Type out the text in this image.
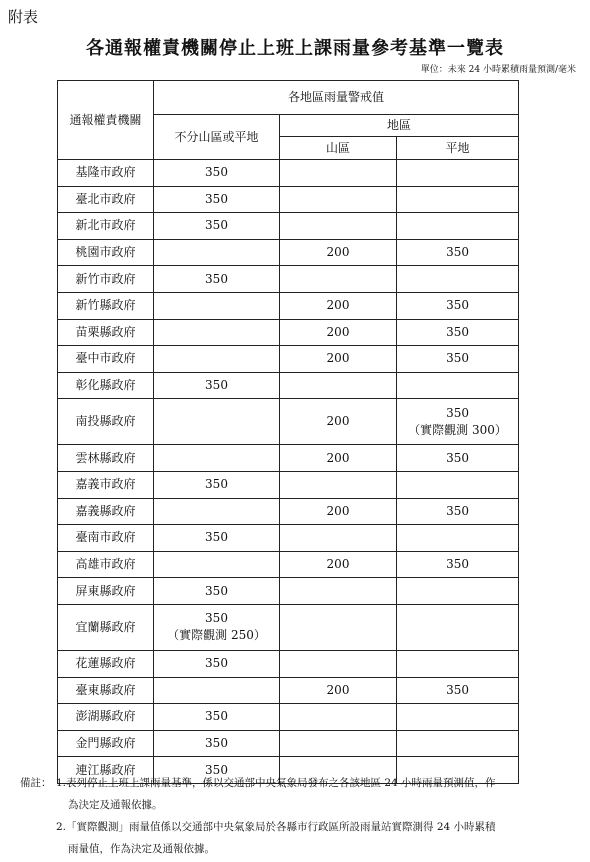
附表
各通報權責機關停止上班上課雨量參考基準一覽表
單位：未來 24 小時累積雨量預測/毫米
通報權責機關	各地區雨量警戒值		
	不分山區或平地	地區	
		山區	平地

基隆市政府	350		

臺北市政府	350		

新北市政府	350		

桃園市政府		200	350

新竹市政府	350		

新竹縣政府		200	350

苗栗縣政府		200	350

臺中市政府		200	350

彰化縣政府	350		

南投縣政府		200	350
（實際觀測 300）

雲林縣政府		200	350

嘉義市政府	350		

嘉義縣政府		200	350

臺南市政府	350		

高雄市政府		200	350

屏東縣政府	350		

宜蘭縣政府	350
（實際觀測 250）		

花蓮縣政府	350		

臺東縣政府		200	350

澎湖縣政府	350		

金門縣政府	350		

連江縣政府	350		

備註： 1.表列停止上班上課雨量基準，係以交通部中央氣象局發布之各該地區 24 小時雨量預測值，作
為決定及通報依據。
2.「實際觀測」雨量值係以交通部中央氣象局於各縣市行政區所設雨量站實際測得 24 小時累積
雨量值，作為決定及通報依據。
